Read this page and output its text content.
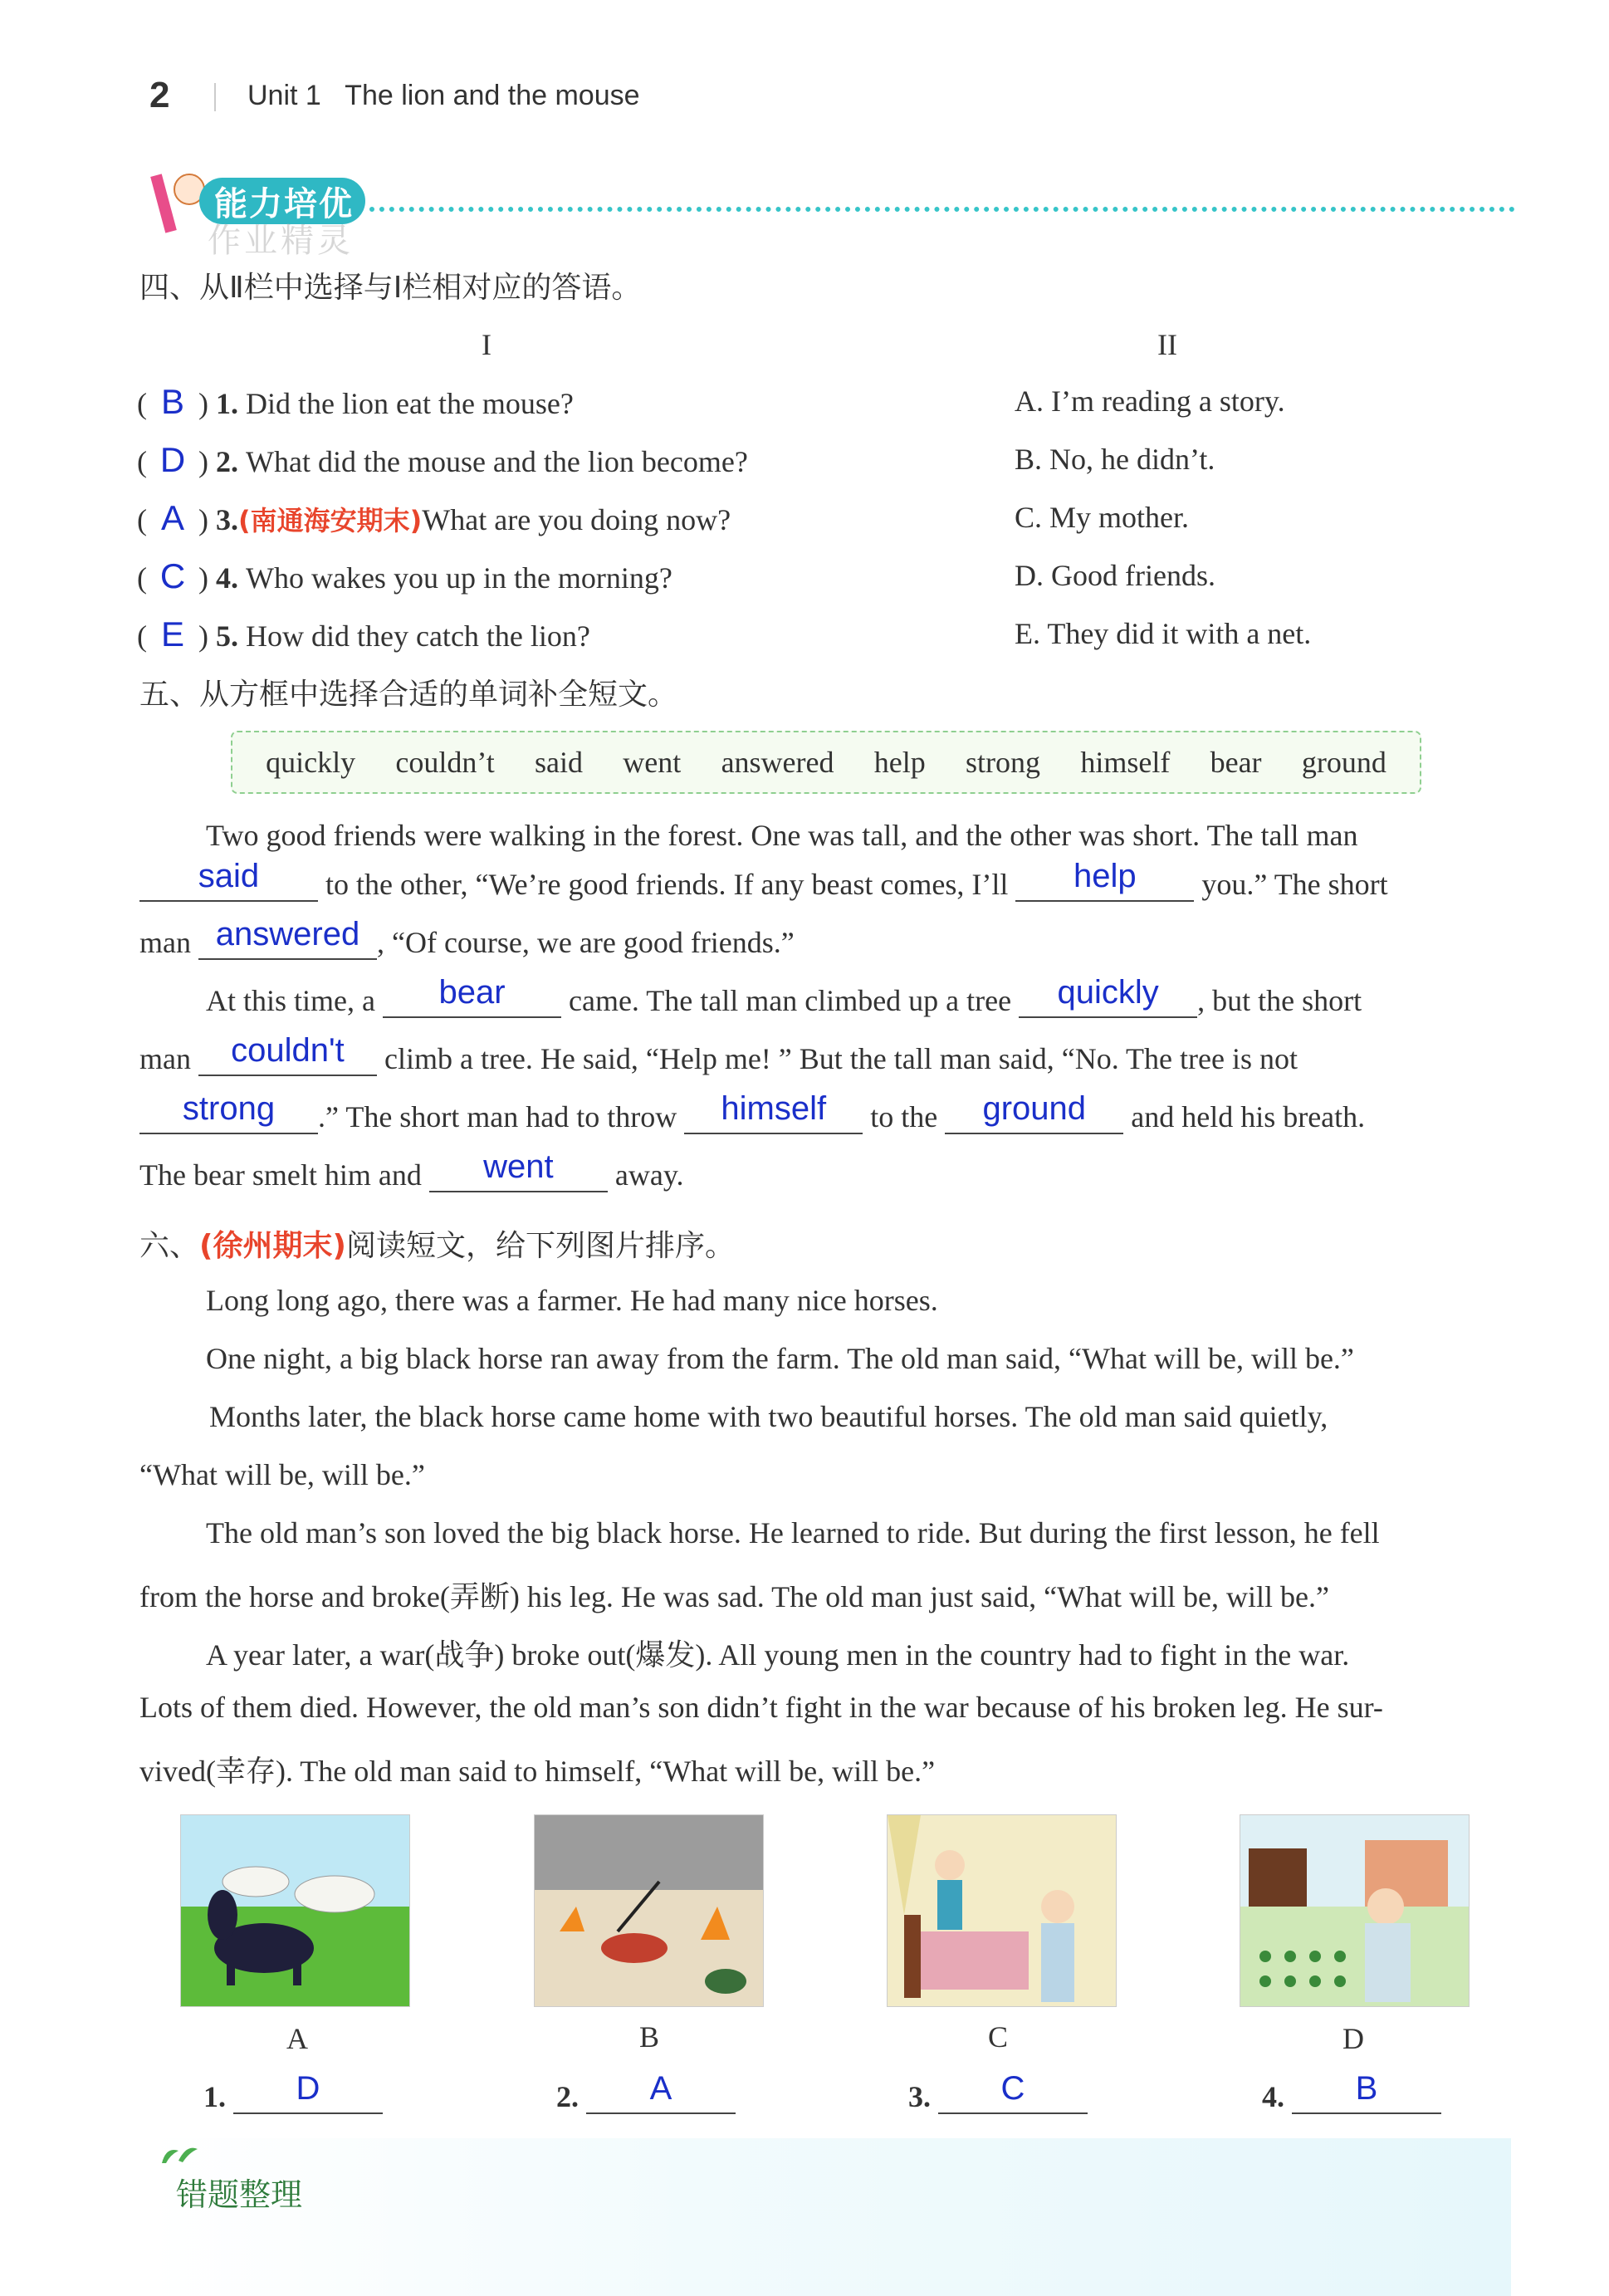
2	Unit 1 The lion and the mouse
能力培优
作业精灵
四、从Ⅱ栏中选择与Ⅰ栏相对应的答语。
I	II
( B ) 1. Did the lion eat the mouse?
( D ) 2. What did the mouse and the lion become?
( A ) 3.(南通海安期末)What are you doing now?
( C ) 4. Who wakes you up in the morning?
( E ) 5. How did they catch the lion?
A. I’m reading a story.
B. No, he didn’t.
C. My mother.
D. Good friends.
E. They did it with a net.
五、从方框中选择合适的单词补全短文。
quickly couldn’t said went answered help strong himself bear ground
Two good friends were walking in the forest. One was tall, and the other was short. The tall man
said	to the other, “We’re good friends. If any beast comes, I’ll	help	you.” The short
man answered , “Of course, we are good friends.”
At this time, a	bear	came. The tall man climbed up a tree	quickly	, but the short
man	couldn't	climb a tree. He said, “Help me! ” But the tall man said, “No. The tree is not
strong	.” The short man had to throw	himself	to the	ground	and held his breath.
The bear smelt him and	went	away.
六、(徐州期末)阅读短文，给下列图片排序。
Long long ago, there was a farmer. He had many nice horses.
One night, a big black horse ran away from the farm. The old man said, “What will be, will be.”
Months later, the black horse came home with two beautiful horses. The old man said quietly,
“What will be, will be.”
The old man’s son loved the big black horse. He learned to ride. But during the first lesson, he fell
from the horse and broke(弄断) his leg. He was sad. The old man just said, “What will be, will be.”
A year later, a war(战争) broke out(爆发). All young men in the country had to fight in the war.
Lots of them died. However, the old man’s son didn’t fight in the war because of his broken leg. He sur-
vived(幸存). The old man said to himself, “What will be, will be.”
A	B	C	D
1.	D	2.	A	3.	C	4.	B
错题整理
